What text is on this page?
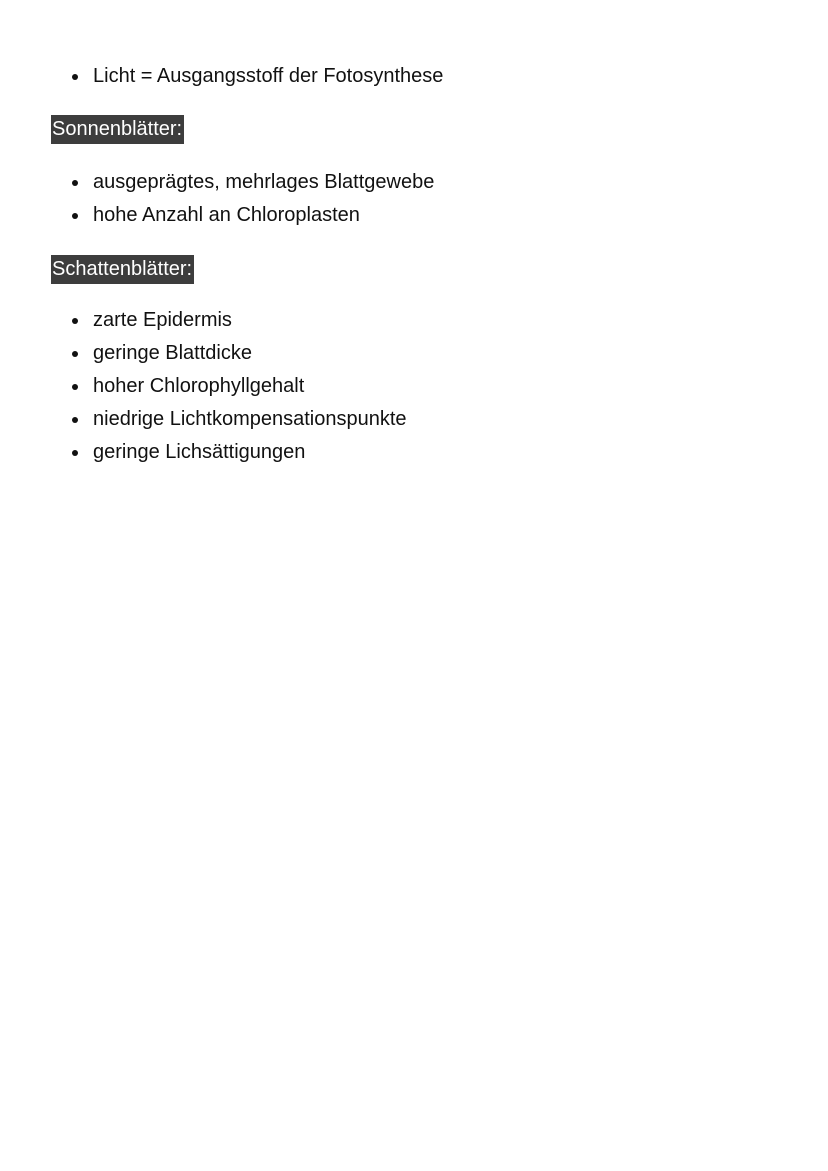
Licht = Ausgangsstoff der Fotosynthese
Sonnenblätter:
ausgeprägtes, mehrlages Blattgewebe
hohe Anzahl an Chloroplasten
Schattenblätter:
zarte Epidermis
geringe Blattdicke
hoher Chlorophyllgehalt
niedrige Lichtkompensationspunkte
geringe Lichsättigungen
